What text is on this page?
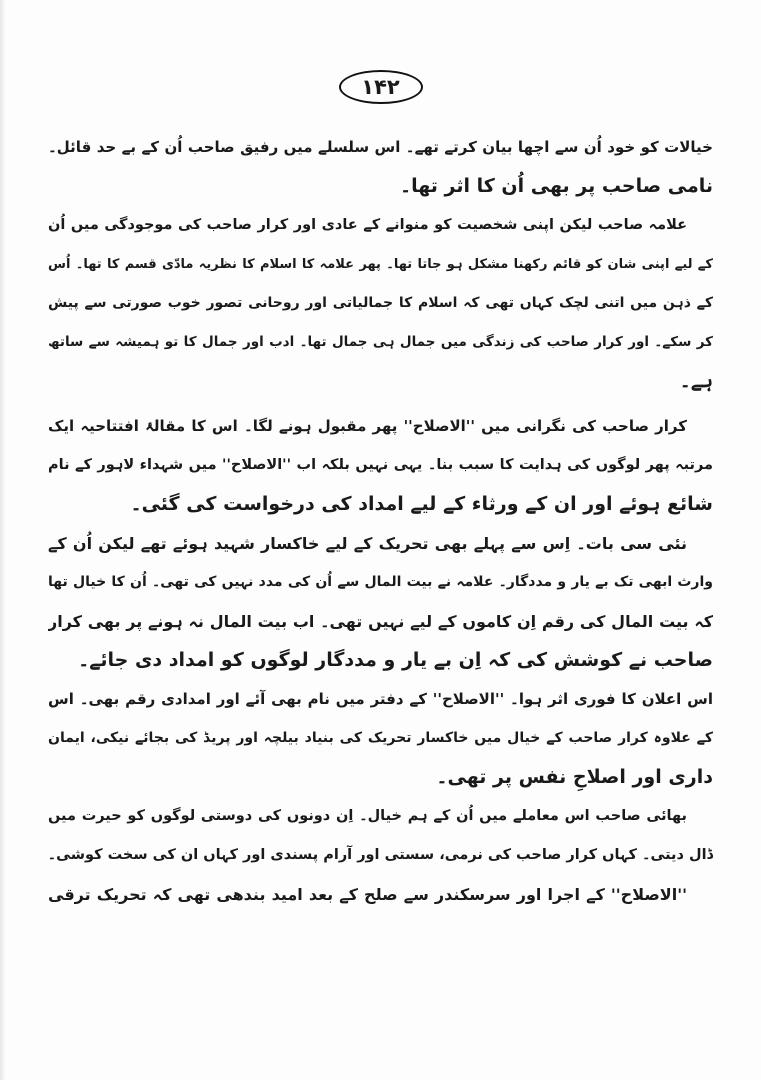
۱۴۲
خیالات کو خود اُن سے اچھا بیان کرتے تھے۔ اس سلسلے میں رفیق صاحب اُن کے بے حد قائل۔
نامی صاحب پر بھی اُن کا اثر تھا۔
علامہ صاحب لیکن اپنی شخصیت کو منوانے کے عادی اور کرار صاحب کی موجودگی میں اُن
کے لیے اپنی شان کو قائم رکھنا مشکل ہو جاتا تھا۔ پھر علامہ کا اسلام کا نظریہ مادّی قسم کا تھا۔ اُس
کے ذہن میں اتنی لچک کہاں تھی کہ اسلام کا جمالیاتی اور روحانی تصور خوب صورتی سے پیش
کر سکے۔ اور کرار صاحب کی زندگی میں جمال ہی جمال تھا۔ ادب اور جمال کا تو ہمیشہ سے ساتھ
ہے۔
کرار صاحب کی نگرانی میں ''الاصلاح'' پھر مقبول ہونے لگا۔ اس کا مقالۂ افتتاحیہ ایک
مرتبہ پھر لوگوں کی ہدایت کا سبب بنا۔ یہی نہیں بلکہ اب ''الاصلاح'' میں شہداء لاہور کے نام
شائع ہوئے اور ان کے ورثاء کے لیے امداد کی درخواست کی گئی۔
نئی سی بات۔ اِس سے پہلے بھی تحریک کے لیے خاکسار شہید ہوئے تھے لیکن اُن کے
وارث ابھی تک بے یار و مددگار۔ علامہ نے بیت المال سے اُن کی مدد نہیں کی تھی۔ اُن کا خیال تھا
کہ بیت المال کی رقم اِن کاموں کے لیے نہیں تھی۔ اب بیت المال نہ ہونے پر بھی کرار
صاحب نے کوشش کی کہ اِن بے یار و مددگار لوگوں کو امداد دی جائے۔
اس اعلان کا فوری اثر ہوا۔ ''الاصلاح'' کے دفتر میں نام بھی آئے اور امدادی رقم بھی۔ اس
کے علاوہ کرار صاحب کے خیال میں خاکسار تحریک کی بنیاد بیلچہ اور پریڈ کی بجائے نیکی، ایمان
داری اور اصلاحِ نفس پر تھی۔
بھائی صاحب اس معاملے میں اُن کے ہم خیال۔ اِن دونوں کی دوستی لوگوں کو حیرت میں
ڈال دیتی۔ کہاں کرار صاحب کی نرمی، سستی اور آرام پسندی اور کہاں ان کی سخت کوشی۔
''الاصلاح'' کے اجرا اور سرسکندر سے صلح کے بعد امید بندھی تھی کہ تحریک ترقی
